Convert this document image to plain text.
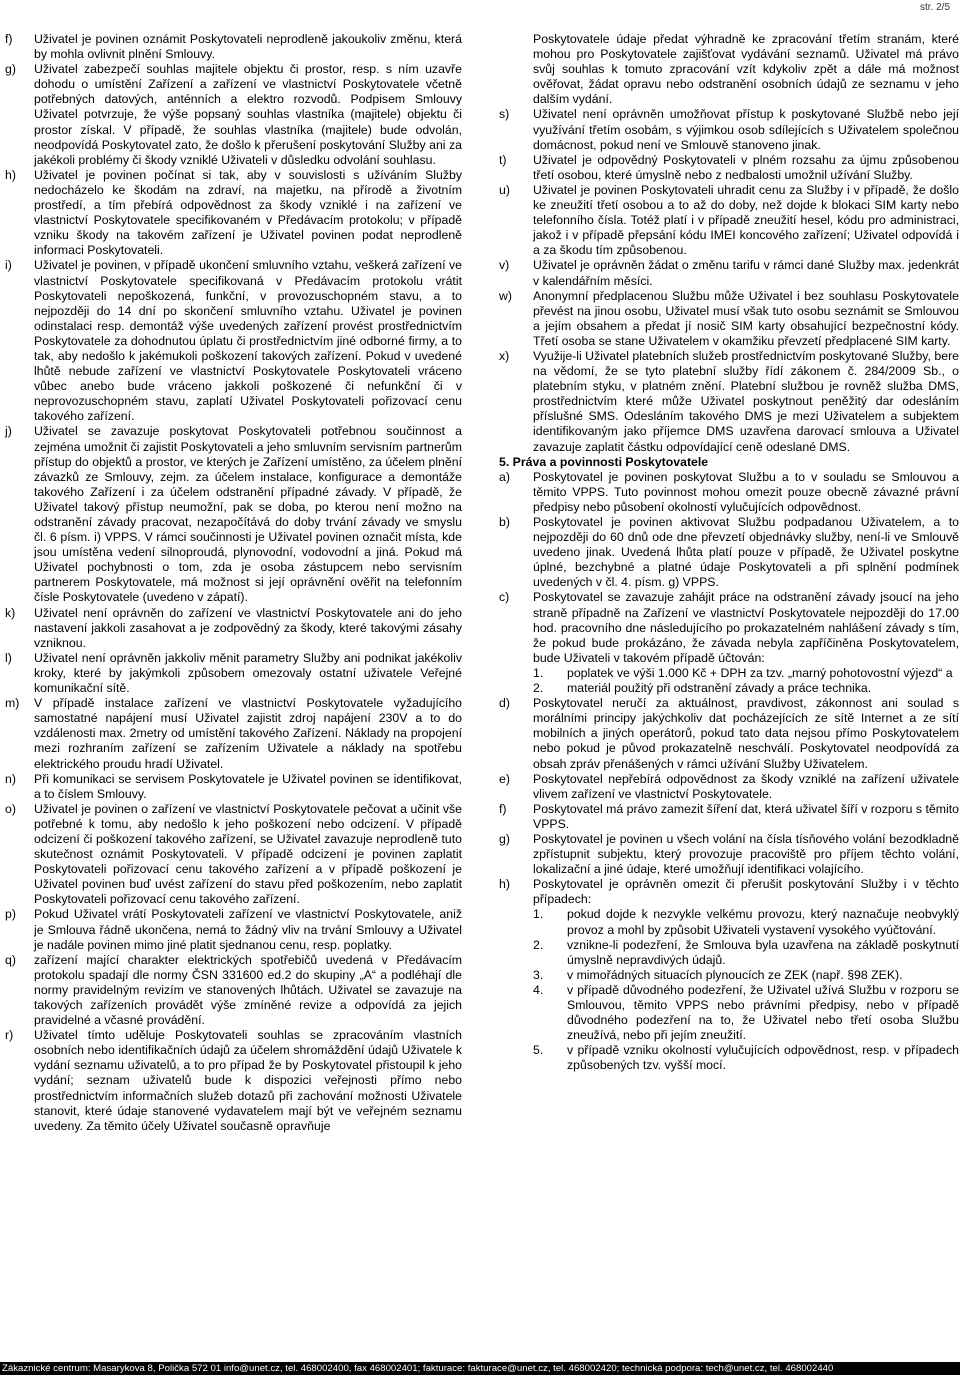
str. 2/5
f)	Uživatel je povinen oznámit Poskytovateli neprodleně jakoukoliv změnu, která by mohla ovlivnit plnění Smlouvy.
g)	Uživatel zabezpečí souhlas majitele objektu či prostor, resp. s ním uzavře dohodu o umístění Zařízení a zařízení ve vlastnictví Poskytovatele včetně potřebných datových, anténních a elektro rozvodů. Podpisem Smlouvy Uživatel potvrzuje, že výše popsaný souhlas vlastníka (majitele) objektu či prostor získal. V případě, že souhlas vlastníka (majitele) bude odvolán, neodpovídá Poskytovatel zato, že došlo k přerušení poskytování Služby ani za jakékoli problémy či škody vzniklé Uživateli v důsledku odvolání souhlasu.
h)	Uživatel je povinen počínat si tak, aby v souvislosti s užíváním Služby nedocházelo ke škodám na zdraví, na majetku, na přírodě a životním prostředí, a tím přebírá odpovědnost za škody vzniklé i na zařízení ve vlastnictví Poskytovatele specifikovaném v Předávacím protokolu; v případě vzniku škody na takovém zařízení je Uživatel povinen podat neprodleně informaci Poskytovateli.
i)	Uživatel je povinen, v případě ukončení smluvního vztahu, veškerá zařízení ve vlastnictví Poskytovatele specifikovaná v Předávacím protokolu vrátit Poskytovateli nepoškozená, funkční, v provozuschopném stavu, a to nejpozději do 14 dní po skončení smluvního vztahu. Uživatel je povinen odinstalaci resp. demontáž výše uvedených zařízení provést prostřednictvím Poskytovatele za dohodnutou úplatu či prostřednictvím jiné odborné firmy, a to tak, aby nedošlo k jakémukoli poškození takových zařízení. Pokud v uvedené lhůtě nebude zařízení ve vlastnictví Poskytovatele Poskytovateli vráceno vůbec anebo bude vráceno jakkoli poškozené či nefunkční či v neprovozuschopném stavu, zaplatí Uživatel Poskytovateli pořizovací cenu takového zařízení.
j)	Uživatel se zavazuje poskytovat Poskytovateli potřebnou součinnost a zejména umožnit či zajistit Poskytovateli a jeho smluvním servisním partnerům přístup do objektů a prostor, ve kterých je Zařízení umístěno, za účelem plnění závazků ze Smlouvy, zejm. za účelem instalace, konfigurace a demontáže takového Zařízení i za účelem odstranění případné závady. V případě, že Uživatel takový přístup neumožní, pak se doba, po kterou není možno na odstranění závady pracovat, nezapočítává do doby trvání závady ve smyslu čl. 6 písm. i) VPPS. V rámci součinnosti je Uživatel povinen označit místa, kde jsou umístěna vedení silnoproudá, plynovodní, vodovodní a jiná. Pokud má Uživatel pochybnosti o tom, zda je osoba zástupcem nebo servisním partnerem Poskytovatele, má možnost si její oprávnění ověřit na telefonním čísle Poskytovatele (uvedeno v zápatí).
k)	Uživatel není oprávněn do zařízení ve vlastnictví Poskytovatele ani do jeho nastavení jakkoli zasahovat a je zodpovědný za škody, které takovými zásahy vzniknou.
l)	Uživatel není oprávněn jakkoliv měnit parametry Služby ani podnikat jakékoliv kroky, které by jakýmkoli způsobem omezovaly ostatní uživatele Veřejné komunikační sítě.
m)	V případě instalace zařízení ve vlastnictví Poskytovatele vyžadujícího samostatné napájení musí Uživatel zajistit zdroj napájení 230V a to do vzdálenosti max. 2metry od umístění takového Zařízení. Náklady na propojení mezi rozhraním zařízení se zařízením Uživatele a náklady na spotřebu elektrického proudu hradí Uživatel.
n)	Při komunikaci se servisem Poskytovatele je Uživatel povinen se identifikovat, a to číslem Smlouvy.
o)	Uživatel je povinen o zařízení ve vlastnictví Poskytovatele pečovat a učinit vše potřebné k tomu, aby nedošlo k jeho poškození nebo odcizení. V případě odcizení či poškození takového zařízení, se Uživatel zavazuje neprodleně tuto skutečnost oznámit Poskytovateli. V případě odcizení je povinen zaplatit Poskytovateli pořizovací cenu takového zařízení a v případě poškození je Uživatel povinen buď uvést zařízení do stavu před poškozením, nebo zaplatit Poskytovateli pořizovací cenu takového zařízení.
p)	Pokud Uživatel vrátí Poskytovateli zařízení ve vlastnictví Poskytovatele, aniž je Smlouva řádně ukončena, nemá to žádný vliv na trvání Smlouvy a Uživatel je nadále povinen mimo jiné platit sjednanou cenu, resp. poplatky.
q)	zařízení mající charakter elektrických spotřebičů uvedená v Předávacím protokolu spadají dle normy ČSN 331600 ed.2 do skupiny „A“ a podléhají dle normy pravidelným revizím ve stanovených lhůtách. Uživatel se zavazuje na takových zařízeních provádět výše zmíněné revize a odpovídá za jejich pravidelné a včasné provádění.
r)	Uživatel tímto uděluje Poskytovateli souhlas se zpracováním vlastních osobních nebo identifikačních údajů za účelem shromáždění údajů Uživatele k vydání seznamu uživatelů, a to pro případ že by Poskytovatel přistoupil k jeho vydání; seznam uživatelů bude k dispozici veřejnosti přímo nebo prostřednictvím informačních služeb dotazů při zachování možnosti Uživatele stanovit, které údaje stanovené vydavatelem mají být ve veřejném seznamu uvedeny. Za těmito účely Uživatel současně opravňuje
Poskytovatele údaje předat výhradně ke zpracování třetím stranám, které mohou pro Poskytovatele zajišťovat vydávání seznamů. Uživatel má právo svůj souhlas k tomuto zpracování vzít kdykoliv zpět a dále má možnost ověřovat, žádat opravu nebo odstranění osobních údajů ze seznamu v jeho dalším vydání.
s)	Uživatel není oprávněn umožňovat přístup k poskytované Službě nebo její využívání třetím osobám, s výjimkou osob sdílejících s Uživatelem společnou domácnost, pokud není ve Smlouvě stanoveno jinak.
t)	Uživatel je odpovědný Poskytovateli v plném rozsahu za újmu způsobenou třetí osobou, které úmyslně nebo z nedbalosti umožnil užívání Služby.
u)	Uživatel je povinen Poskytovateli uhradit cenu za Služby i v případě, že došlo ke zneužití třetí osobou a to až do doby, než dojde k blokaci SIM karty nebo telefonního čísla. Totéž platí i v případě zneužití hesel, kódu pro administraci, jakož i v případě přepsání kódu IMEI koncového zařízení; Uživatel odpovídá i a za škodu tím způsobenou.
v)	Uživatel je oprávněn žádat o změnu tarifu v rámci dané Služby max. jedenkrát v kalendářním měsíci.
w)	Anonymní předplacenou Službu může Uživatel i bez souhlasu Poskytovatele převést na jinou osobu, Uživatel musí však tuto osobu seznámit se Smlouvou a jejím obsahem a předat jí nosič SIM karty obsahující bezpečnostní kódy. Třetí osoba se stane Uživatelem v okamžiku převzetí předplacené SIM karty.
x)	Využije-li Uživatel platebních služeb prostřednictvím poskytované Služby, bere na vědomí, že se tyto platební služby řídí zákonem č. 284/2009 Sb., o platebním styku, v platném znění. Platební službou je rovněž služba DMS, prostřednictvím které může Uživatel poskytnout peněžitý dar odesláním příslušné SMS. Odesláním takového DMS je mezi Uživatelem a subjektem identifikovaným jako příjemce DMS uzavřena darovací smlouva a Uživatel zavazuje zaplatit částku odpovídající ceně odeslané DMS.
5. Práva a povinnosti Poskytovatele
a)	Poskytovatel je povinen poskytovat Službu a to v souladu se Smlouvou a těmito VPPS. Tuto povinnost mohou omezit pouze obecně závazné právní předpisy nebo působení okolností vylučujících odpovědnost.
b)	Poskytovatel je povinen aktivovat Službu podpadanou Uživatelem, a to nejpozději do 60 dnů ode dne převzetí objednávky služby, není-li ve Smlouvě uvedeno jinak. Uvedená lhůta platí pouze v případě, že Uživatel poskytne úplné, bezchybné a platné údaje Poskytovateli a při splnění podmínek uvedených v čl. 4. písm. g) VPPS.
c)	Poskytovatel se zavazuje zahájit práce na odstranění závady jsoucí na jeho straně případně na Zařízení ve vlastnictví Poskytovatele nejpozději do 17.00 hod. pracovního dne následujícího po prokazatelném nahlášení závady s tím, že pokud bude prokázáno, že závada nebyla zapříčiněna Poskytovatelem, bude Uživateli v takovém případě účtován:
1.	poplatek ve výši 1.000 Kč + DPH za tzv. „marný pohotovostní výjezd“ a
2.	materiál použitý při odstranění závady a práce technika.
d)	Poskytovatel neručí za aktuálnost, pravdivost, zákonnost ani soulad s morálními principy jakýchkoliv dat pocházejících ze sítě Internet a ze sítí mobilních a jiných operátorů, pokud tato data nejsou přímo Poskytovatelem nebo pokud je původ prokazatelně neschválí. Poskytovatel neodpovídá za obsah zpráv přenášených v rámci užívání Služby Uživatelem.
e)	Poskytovatel nepřebírá odpovědnost za škody vzniklé na zařízení uživatele vlivem zařízení ve vlastnictví Poskytovatele.
f)	Poskytovatel má právo zamezit šíření dat, která uživatel šíří v rozporu s těmito VPPS.
g)	Poskytovatel je povinen u všech volání na čísla tísňového volání bezodkladně zpřístupnit subjektu, který provozuje pracoviště pro příjem těchto volání, lokalizační a jiné údaje, které umožňují identifikaci volajícího.
h)	Poskytovatel je oprávněn omezit či přerušit poskytování Služby i v těchto případech:
1.	pokud dojde k nezvykle velkému provozu, který naznačuje neobvyklý provoz a mohl by způsobit Uživateli vystavení vysokého vyúčtování.
2.	vznikne-li podezření, že Smlouva byla uzavřena na základě poskytnutí úmyslně nepravdivých údajů.
3.	v mimořádných situacích plynoucích ze ZEK (např. §98 ZEK).
4.	v případě důvodného podezření, že Uživatel užívá Službu v rozporu se Smlouvou, těmito VPPS nebo právními předpisy, nebo v případě důvodného podezření na to, že Uživatel nebo třetí osoba Službu zneužívá, nebo při jejím zneužití.
5.	v případě vzniku okolností vylučujících odpovědnost, resp. v případech způsobených tzv. vyšší mocí.
Zákaznické centrum: Masarykova 8, Polička 572 01 info@unet.cz, tel. 468002400, fax 468002401; fakturace: fakturace@unet.cz, tel. 468002420; technická podpora: tech@unet.cz, tel. 468002440
